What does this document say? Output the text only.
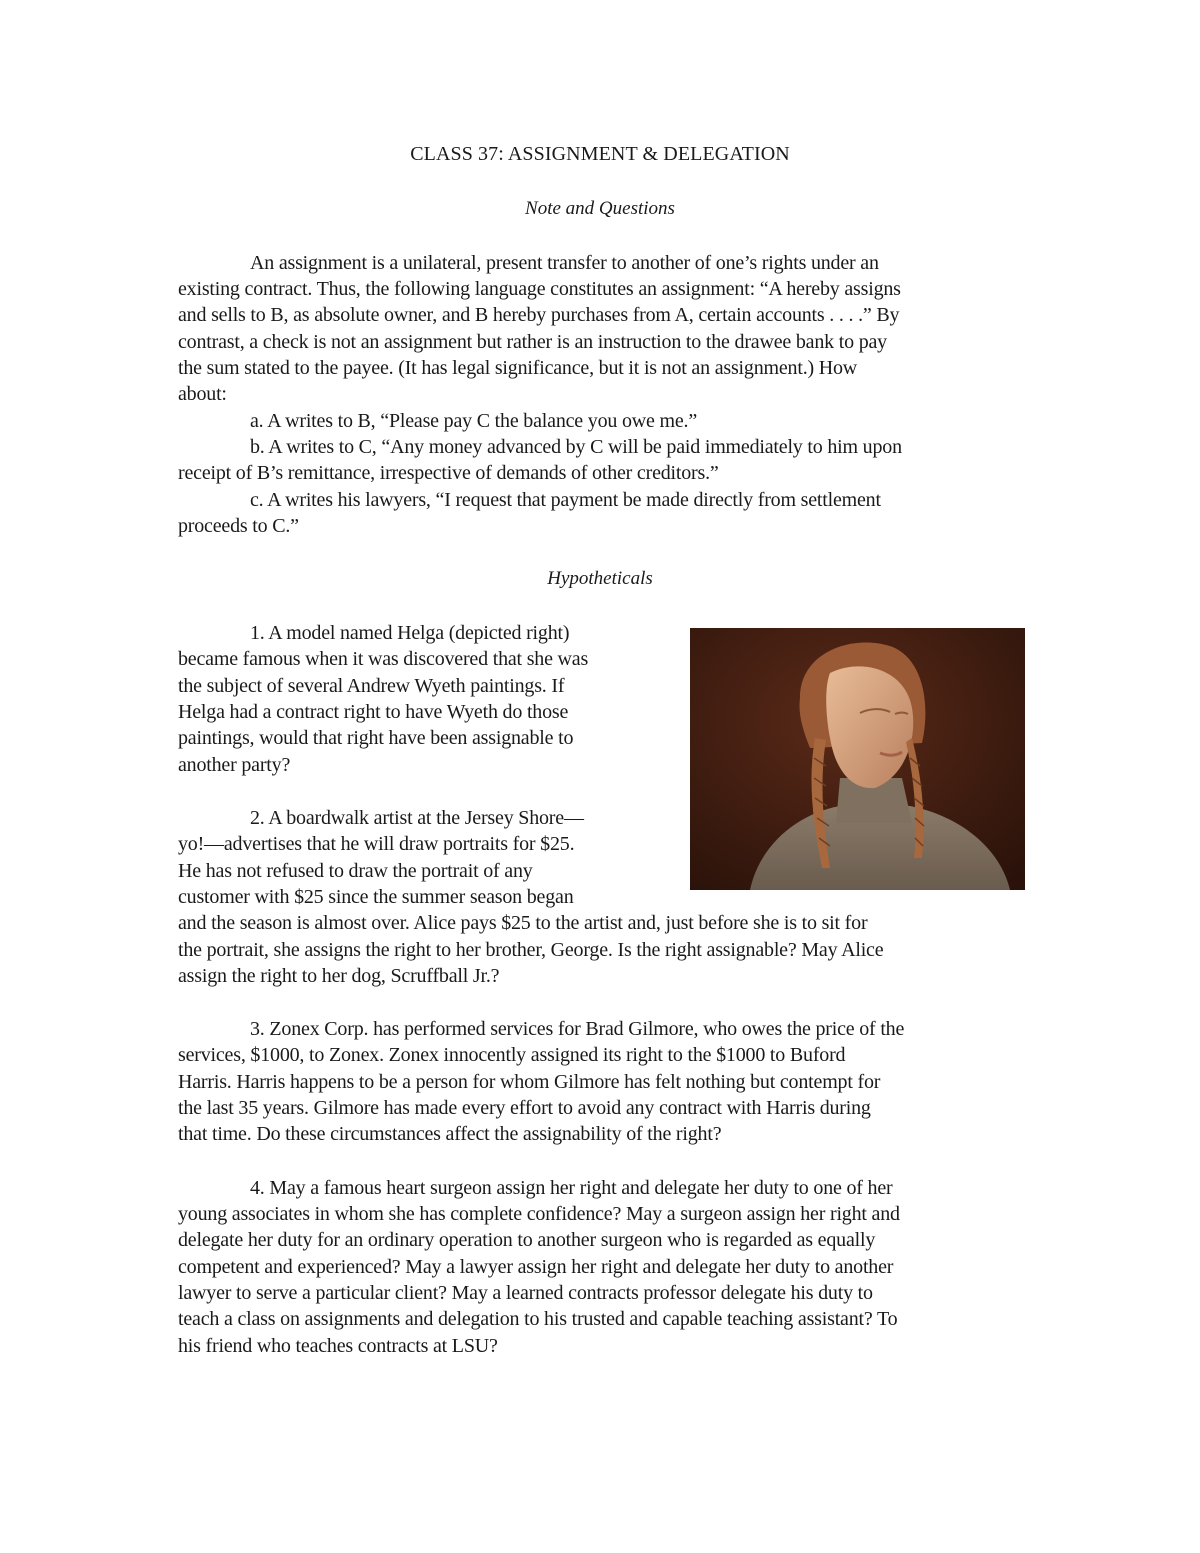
CLASS 37: ASSIGNMENT & DELEGATION
Note and Questions
An assignment is a unilateral, present transfer to another of one’s rights under an
existing contract. Thus, the following language constitutes an assignment: “A hereby assigns
and sells to B, as absolute owner, and B hereby purchases from A, certain accounts . . . .” By
contrast, a check is not an assignment but rather is an instruction to the drawee bank to pay
the sum stated to the payee. (It has legal significance, but it is not an assignment.) How
about:
a. A writes to B, “Please pay C the balance you owe me.”
b. A writes to C, “Any money advanced by C will be paid immediately to him upon
receipt of B’s remittance, irrespective of demands of other creditors.”
c. A writes his lawyers, “I request that payment be made directly from settlement
proceeds to C.”
Hypotheticals
1. A model named Helga (depicted right)
became famous when it was discovered that she was
the subject of several Andrew Wyeth paintings. If
Helga had a contract right to have Wyeth do those
paintings, would that right have been assignable to
another party?
2. A boardwalk artist at the Jersey Shore—
yo!—advertises that he will draw portraits for $25.
He has not refused to draw the portrait of any
customer with $25 since the summer season began
and the season is almost over. Alice pays $25 to the artist and, just before she is to sit for
the portrait, she assigns the right to her brother, George. Is the right assignable? May Alice
assign the right to her dog, Scruffball Jr.?
3. Zonex Corp. has performed services for Brad Gilmore, who owes the price of the
services, $1000, to Zonex. Zonex innocently assigned its right to the $1000 to Buford
Harris. Harris happens to be a person for whom Gilmore has felt nothing but contempt for
the last 35 years. Gilmore has made every effort to avoid any contract with Harris during
that time. Do these circumstances affect the assignability of the right?
4. May a famous heart surgeon assign her right and delegate her duty to one of her
young associates in whom she has complete confidence? May a surgeon assign her right and
delegate her duty for an ordinary operation to another surgeon who is regarded as equally
competent and experienced? May a lawyer assign her right and delegate her duty to another
lawyer to serve a particular client? May a learned contracts professor delegate his duty to
teach a class on assignments and delegation to his trusted and capable teaching assistant? To
his friend who teaches contracts at LSU?
